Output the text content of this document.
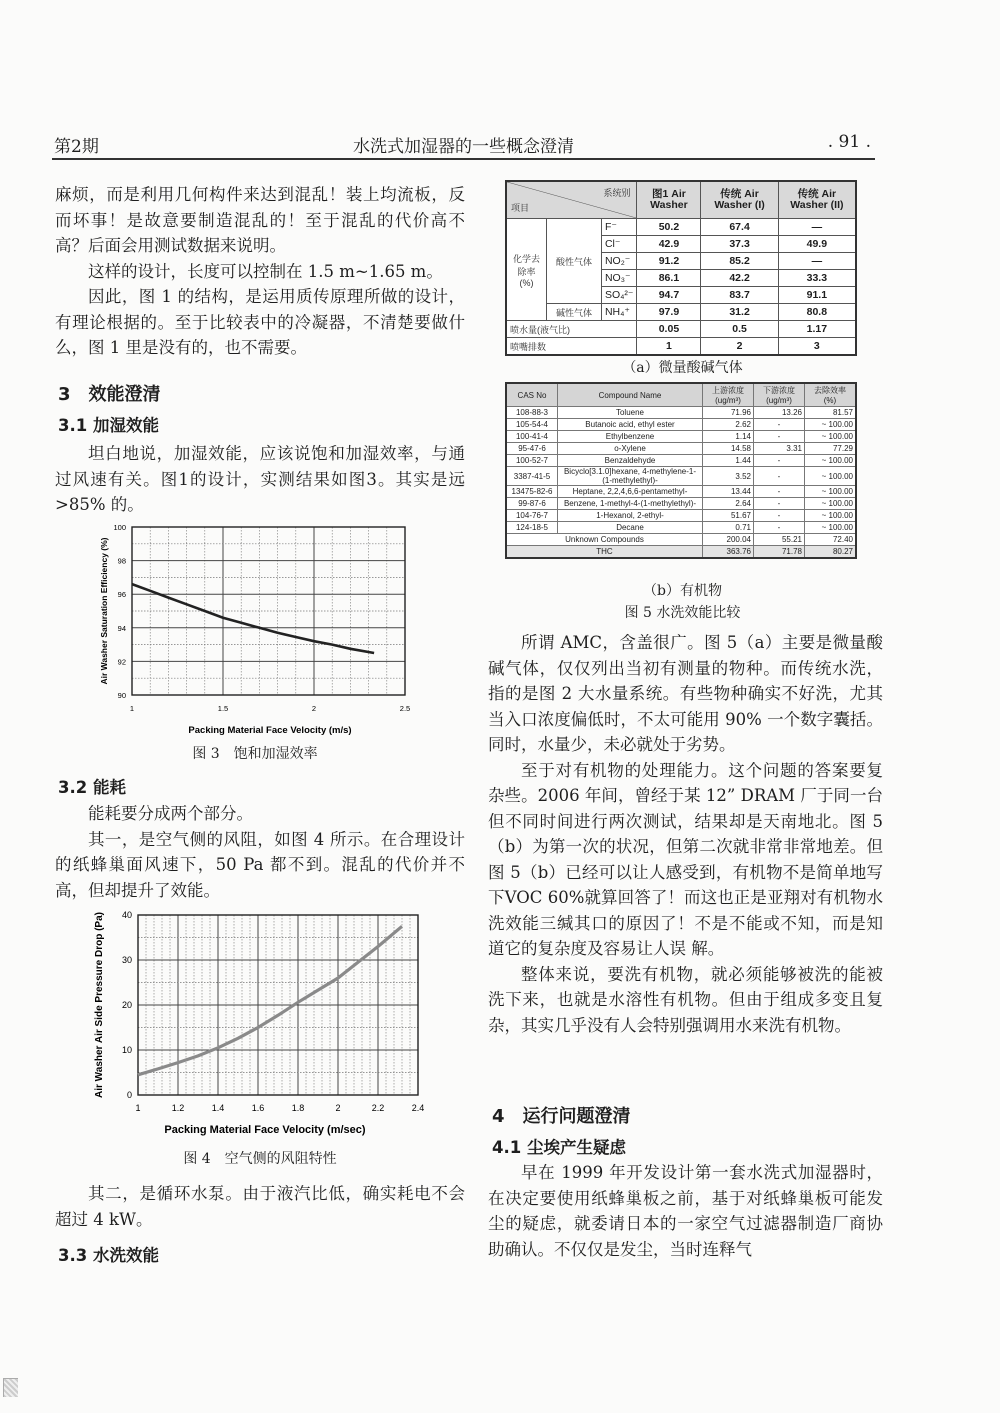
第2期	水洗式加湿器的一些概念澄清	. 91 .
麻烦，而是利用几何构件来达到混乱！装上均流板，反而坏事！是故意要制造混乱的！至于混乱的代价高不高？后面会用测试数据来说明。
这样的设计，长度可以控制在 1.5 m~1.65 m。
因此，图 1 的结构，是运用质传原理所做的设计，有理论根据的。至于比较表中的冷凝器，不清楚要做什么，图 1 里是没有的，也不需要。
3　效能澄清
3.1 加湿效能
坦白地说，加湿效能，应该说饱和加湿效率，与通过风速有关。图1的设计，实测结果如图3。其实是远>85% 的。
90
92
94
96
98
100
1	1.5	2	2.5
Packing Material Face Velocity (m/s)
Air Washer Saturation Efficiency (%)
图 3　饱和加湿效率
3.2 能耗
能耗要分成两个部分。
其一，是空气侧的风阻，如图 4 所示。在合理设计的纸蜂巢面风速下，50 Pa 都不到。混乱的代价并不高，但却提升了效能。
0
10
20
30
40
1	1.2	1.4	1.6	1.8	2	2.2	2.4
Packing Material Face Velocity (m/sec)
Air Washer Air Side Pressure Drop (Pa)
图 4　空气侧的风阻特性
其二，是循环水泵。由于液汽比低，确实耗电不会超过 4 kW。
3.3 水洗效能
系统别
项目			图1 Air Washer	传统 Air Washer (I)	传统 Air Washer (II)
化学去除率 (%)	酸性气体	F⁻	50.2	67.4	—
		Cl⁻	42.9	37.3	49.9
		NO₂⁻	91.2	85.2	—
		NO₃⁻	86.1	42.2	33.3
		SO₄²⁻	94.7	83.7	91.1
	碱性气体	NH₄⁺	97.9	31.2	80.8
喷水量(液气比)			0.05	0.5	1.17
喷嘴排数			1	2	3
（a）微量酸碱气体
CAS No	Compound Name	上游浓度 (ug/m³)	下游浓度 (ug/m³)	去除效率 (%)
108-88-3	Toluene	71.96	13.26	81.57
105-54-4	Butanoic acid, ethyl ester	2.62	-	~ 100.00
100-41-4	Ethylbenzene	1.14	-	~ 100.00
95-47-6	o-Xylene	14.58	3.31	77.29
100-52-7	Benzaldehyde	1.44	-	~ 100.00
3387-41-5	Bicyclo[3.1.0]hexane, 4-methylene-1-(1-methylethyl)-	3.52	-	~ 100.00
13475-82-6	Heptane, 2,2,4,6,6-pentamethyl-	13.44	-	~ 100.00
99-87-6	Benzene, 1-methyl-4-(1-methylethyl)-	2.64	-	~ 100.00
104-76-7	1-Hexanol, 2-ethyl-	51.67	-	~ 100.00
124-18-5	Decane	0.71	-	~ 100.00
Unknown Compounds		200.04	55.21	72.40
THC		363.76	71.78	80.27
（b）有机物
图 5 水洗效能比较
所谓 AMC，含盖很广。图 5（a）主要是微量酸碱气体，仅仅列出当初有测量的物种。而传统水洗，指的是图 2 大水量系统。有些物种确实不好洗，尤其当入口浓度偏低时，不太可能用 90% 一个数字囊括。同时，水量少，未必就处于劣势。
至于对有机物的处理能力。这个问题的答案要复杂些。2006 年间，曾经于某 12” DRAM 厂于同一台但不同时间进行两次测试，结果却是天南地北。图 5（b）为第一次的状况，但第二次就非常非常地差。但图 5（b）已经可以让人感受到，有机物不是简单地写下VOC 60%就算回答了！而这也正是亚翔对有机物水洗效能三缄其口的原因了！不是不能或不知，而是知道它的复杂度及容易让人误 解。
整体来说，要洗有机物，就必须能够被洗的能被洗下来，也就是水溶性有机物。但由于组成多变且复杂，其实几乎没有人会特别强调用水来洗有机物。
4　运行问题澄清
4.1 尘埃产生疑虑
早在 1999 年开发设计第一套水洗式加湿器时，在决定要使用纸蜂巢板之前，基于对纸蜂巢板可能发尘的疑虑，就委请日本的一家空气过滤器制造厂商协助确认。不仅仅是发尘，当时连释气
